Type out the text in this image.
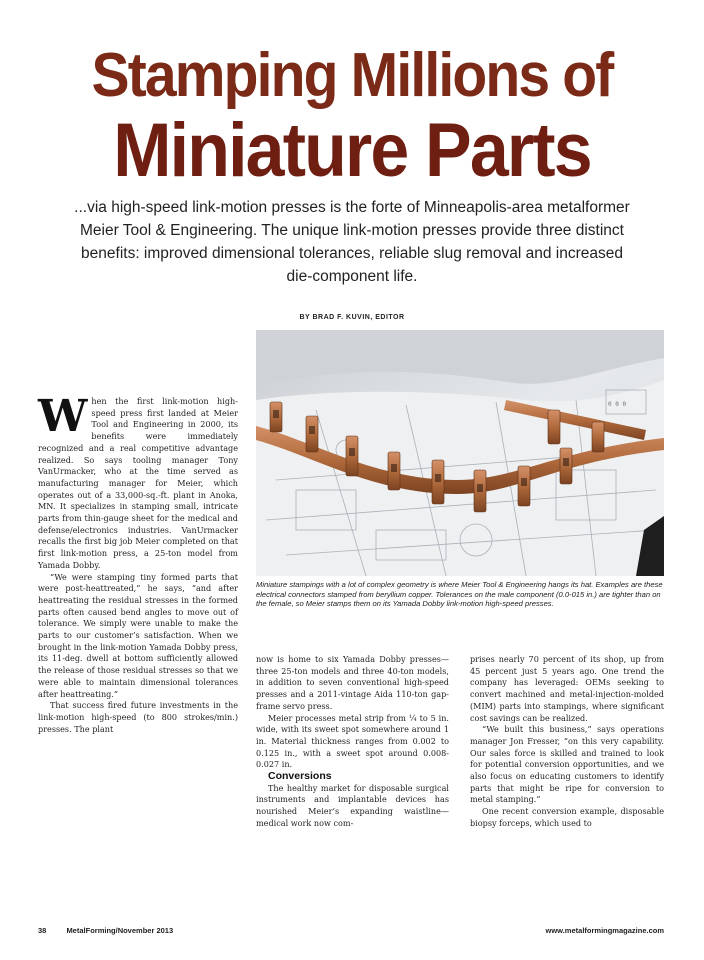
Stamping Millions of
Miniature Parts
...via high-speed link-motion presses is the forte of Minneapolis-area metalformer Meier Tool & Engineering. The unique link-motion presses provide three distinct benefits: improved dimensional tolerances, reliable slug removal and increased die-component life.
BY BRAD F. KUVIN, EDITOR
0 0 0
Miniature stampings with a lot of complex geometry is where Meier Tool & Engineering hangs its hat. Examples are these electrical connectors stamped from beryllium copper. Tolerances on the male component (0.0-015 in.) are tighter than on the female, so Meier stamps them on its Yamada Dobby link-motion high-speed presses.

When the first link-motion high-speed press first landed at Meier Tool and Engineering in 2000, its benefits were immediately recognized and a real competitive advantage realized. So says tooling manager Tony VanUrmacker, who at the time served as manufacturing manager for Meier, which operates out of a 33,000-sq.-ft. plant in Anoka, MN. It specializes in stamping small, intricate parts from thin-gauge sheet for the medical and defense/electronics industries. VanUrmacker recalls the first big job Meier completed on that first link-motion press, a 25-ton model from Yamada Dobby.

“We were stamping tiny formed parts that were post-heattreated,” he says, “and after heattreating the residual stresses in the formed parts often caused bend angles to move out of tolerance. We simply were unable to make the parts to our customer’s satisfaction. When we brought in the link-motion Yamada Dobby press, its 11-deg. dwell at bottom sufficiently allowed the release of those residual stresses so that we were able to maintain dimensional tolerances after heattreating.”

That success fired future investments in the link-motion high-speed (to 800 strokes/min.) presses. The plant

now is home to six Yamada Dobby presses—three 25-ton models and three 40-ton models, in addition to seven conventional high-speed presses and a 2011-vintage Aida 110-ton gap-frame servo press.

Meier processes metal strip from ¼ to 5 in. wide, with its sweet spot somewhere around 1 in. Material thickness ranges from 0.002 to 0.125 in., with a sweet spot around 0.008-0.027 in.

Conversions

The healthy market for disposable surgical instruments and implantable devices has nourished Meier’s expanding waistline—medical work now com-

prises nearly 70 percent of its shop, up from 45 percent just 5 years ago. One trend the company has leveraged: OEMs seeking to convert machined and metal-injection-molded (MIM) parts into stampings, where significant cost savings can be realized.

“We built this business,” says operations manager Jon Fresser, “on this very capability. Our sales force is skilled and trained to look for potential conversion opportunities, and we also focus on educating customers to identify parts that might be ripe for conversion to metal stamping.”

One recent conversion example, disposable biopsy forceps, which used to

38	MetalForming/November 2013	www.metalformingmagazine.com
